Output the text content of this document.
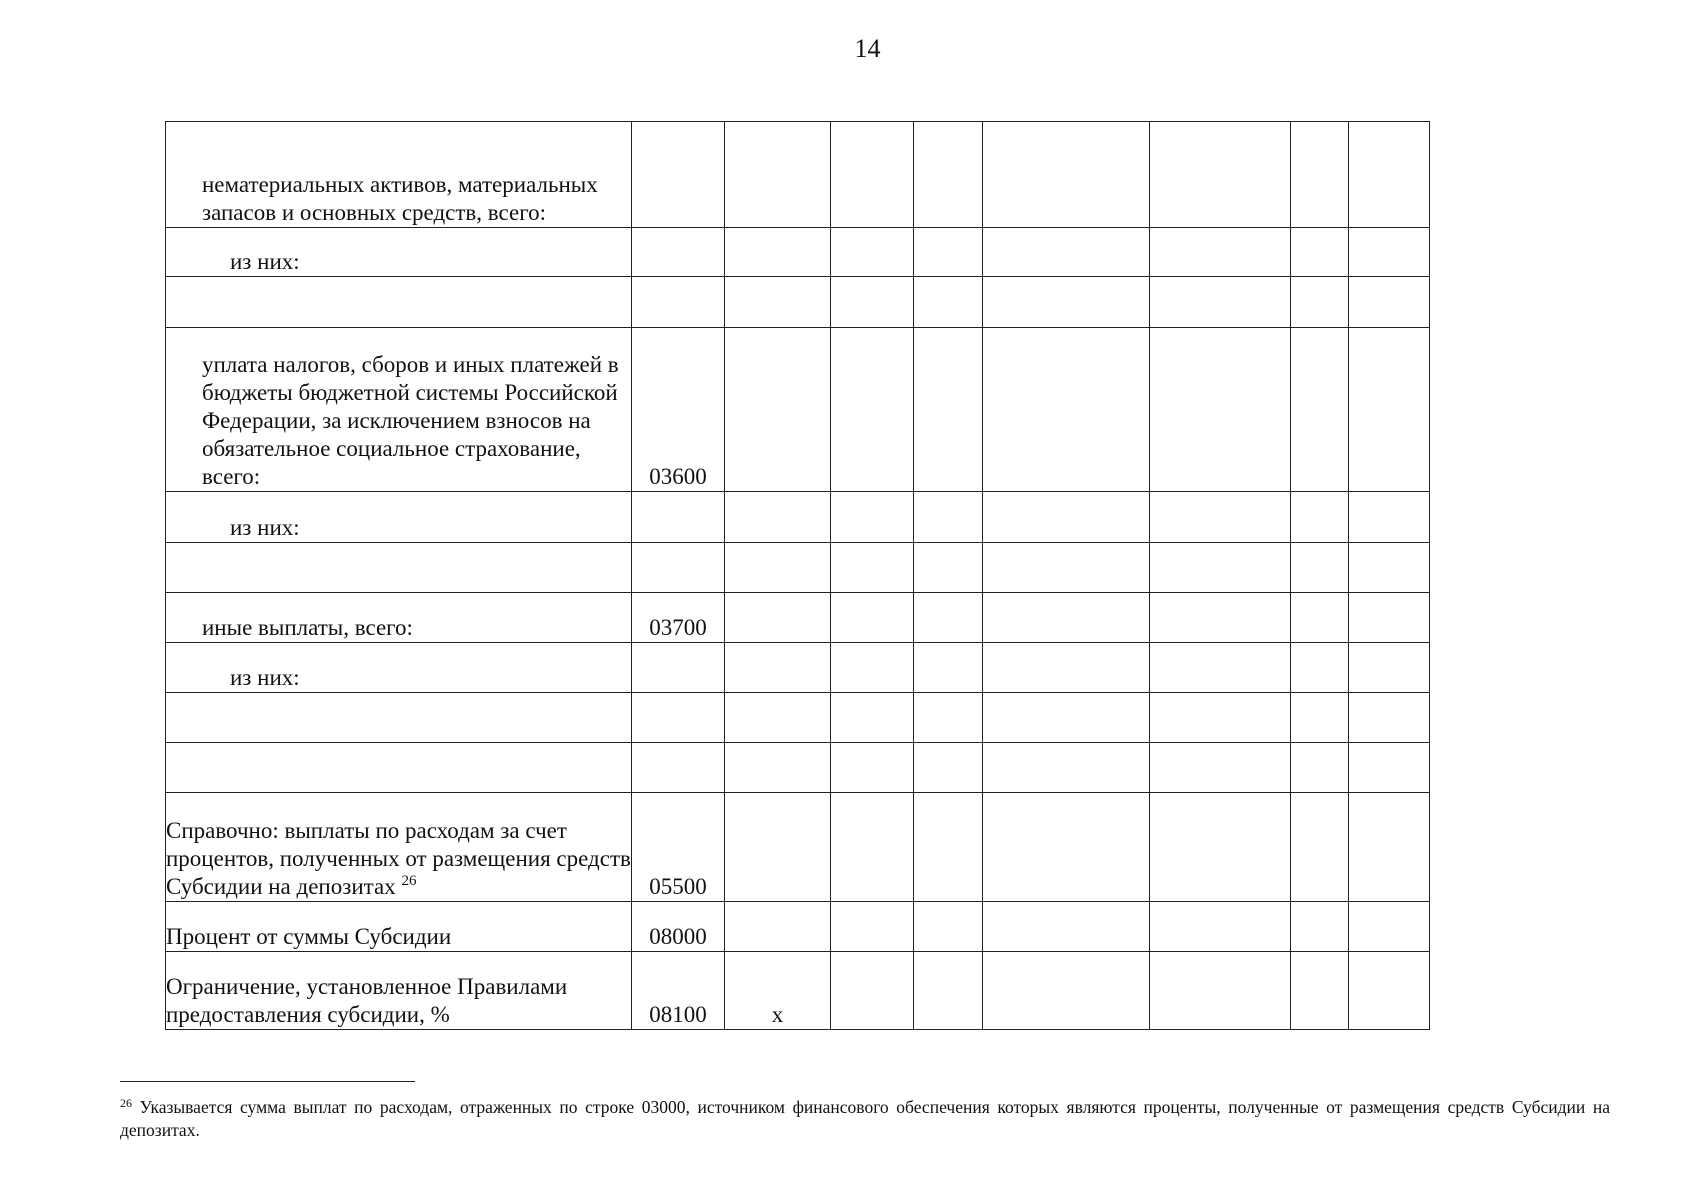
14
нематериальных активов, материальных запасов и основных средств, всего:								
из них:								

уплата налогов, сборов и иных платежей в бюджеты бюджетной системы Российской Федерации, за исключением взносов на обязательное социальное страхование, всего:	03600							
из них:								

иные выплаты, всего:	03700							
из них:								

Справочно: выплаты по расходам за счет процентов, полученных от размещения средств Субсидии на депозитах $^{26}$	05500							
Процент от суммы Субсидии	08000							
Ограничение, установленное Правилами предоставления субсидии, %	08100	х						
$^{26}$ Указывается сумма выплат по расходам, отраженных по строке 03000, источником финансового обеспечения которых являются проценты, полученные от размещения средств Субсидии на депозитах.
